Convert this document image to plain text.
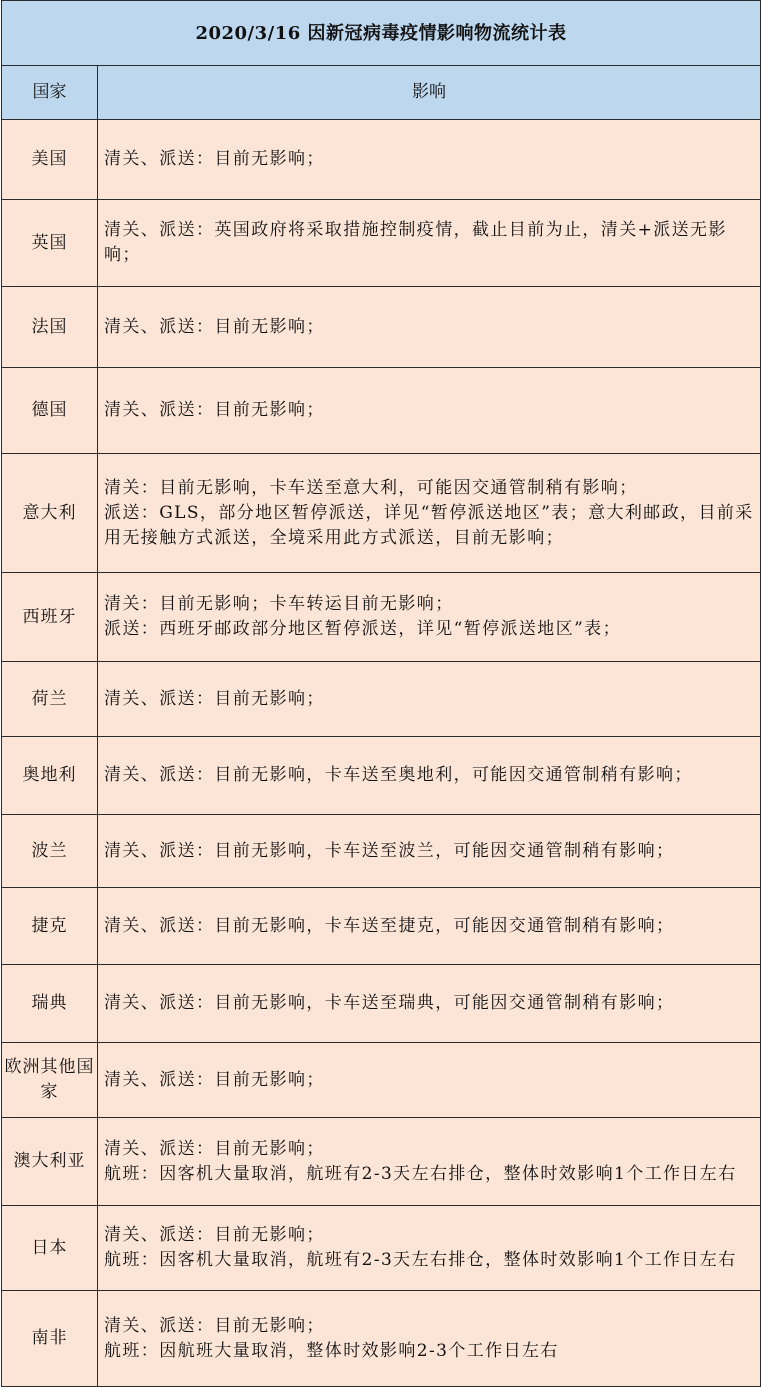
2020/3/16 因新冠病毒疫情影响物流统计表	
国家	影响
美国	清关、派送：目前无影响；

英国	清关、派送：英国政府将采取措施控制疫情，截止目前为止，清关+派送无影响；

法国	清关、派送：目前无影响；

德国	清关、派送：目前无影响；

意大利	清关：目前无影响，卡车送至意大利，可能因交通管制稍有影响；
派送：GLS，部分地区暂停派送，详见“暂停派送地区”表；意大利邮政，目前采用无接触方式派送，全境采用此方式派送，目前无影响；

西班牙	清关：目前无影响；卡车转运目前无影响；
派送：西班牙邮政部分地区暂停派送，详见“暂停派送地区”表；

荷兰	清关、派送：目前无影响；

奥地利	清关、派送：目前无影响，卡车送至奥地利，可能因交通管制稍有影响；

波兰	清关、派送：目前无影响，卡车送至波兰，可能因交通管制稍有影响；

捷克	清关、派送：目前无影响，卡车送至捷克，可能因交通管制稍有影响；

瑞典	清关、派送：目前无影响，卡车送至瑞典，可能因交通管制稍有影响；

欧洲其他国家	清关、派送：目前无影响；

澳大利亚	清关、派送：目前无影响；
航班：因客机大量取消，航班有2-3天左右排仓，整体时效影响1个工作日左右

日本	清关、派送：目前无影响；
航班：因客机大量取消，航班有2-3天左右排仓，整体时效影响1个工作日左右

南非	清关、派送：目前无影响；
航班：因航班大量取消，整体时效影响2-3个工作日左右
